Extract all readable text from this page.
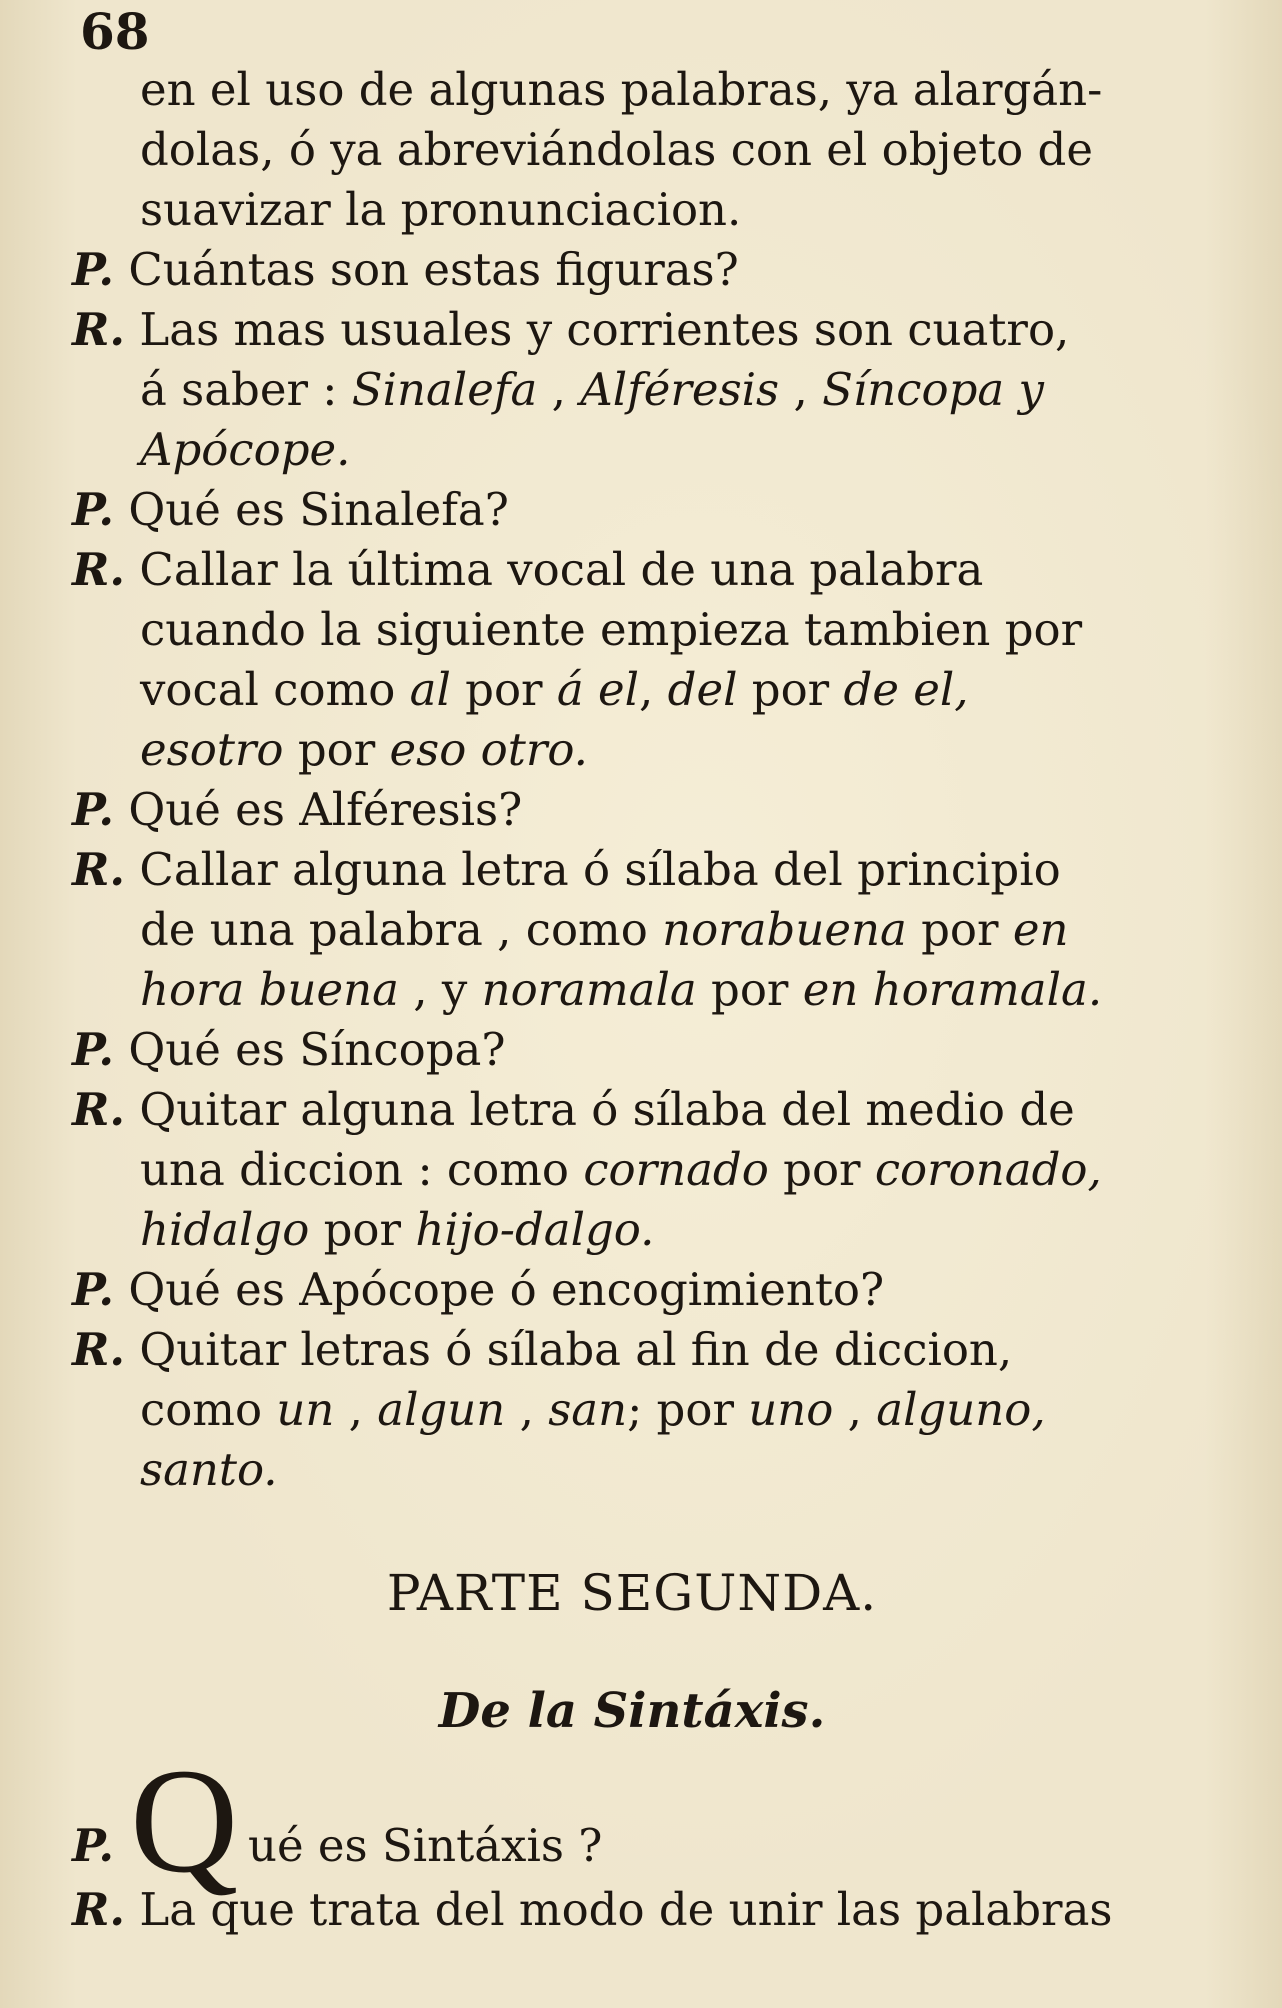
68
en el uso de algunas palabras, ya alargán-
dolas, ó ya abreviándolas con el objeto de
suavizar la pronunciacion.
P. Cuántas son estas figuras?
R. Las mas usuales y corrientes son cuatro,
á saber : Sinalefa , Alféresis , Síncopa y
Apócope.
P. Qué es Sinalefa?
R. Callar la última vocal de una palabra
cuando la siguiente empieza tambien por
vocal como al por á el, del por de el,
esotro por eso otro.
P. Qué es Alféresis?
R. Callar alguna letra ó sílaba del principio
de una palabra , como norabuena por en
hora buena , y noramala por en horamala.
P. Qué es Síncopa?
R. Quitar alguna letra ó sílaba del medio de
una diccion : como cornado por coronado,
hidalgo por hijo-dalgo.
P. Qué es Apócope ó encogimiento?
R. Quitar letras ó sílaba al fin de diccion,
como un , algun , san; por uno , alguno,
santo.
PARTE SEGUNDA.
De la Sintáxis.
P. Q ué es Sintáxis ?
R. La que trata del modo de unir las palabras
